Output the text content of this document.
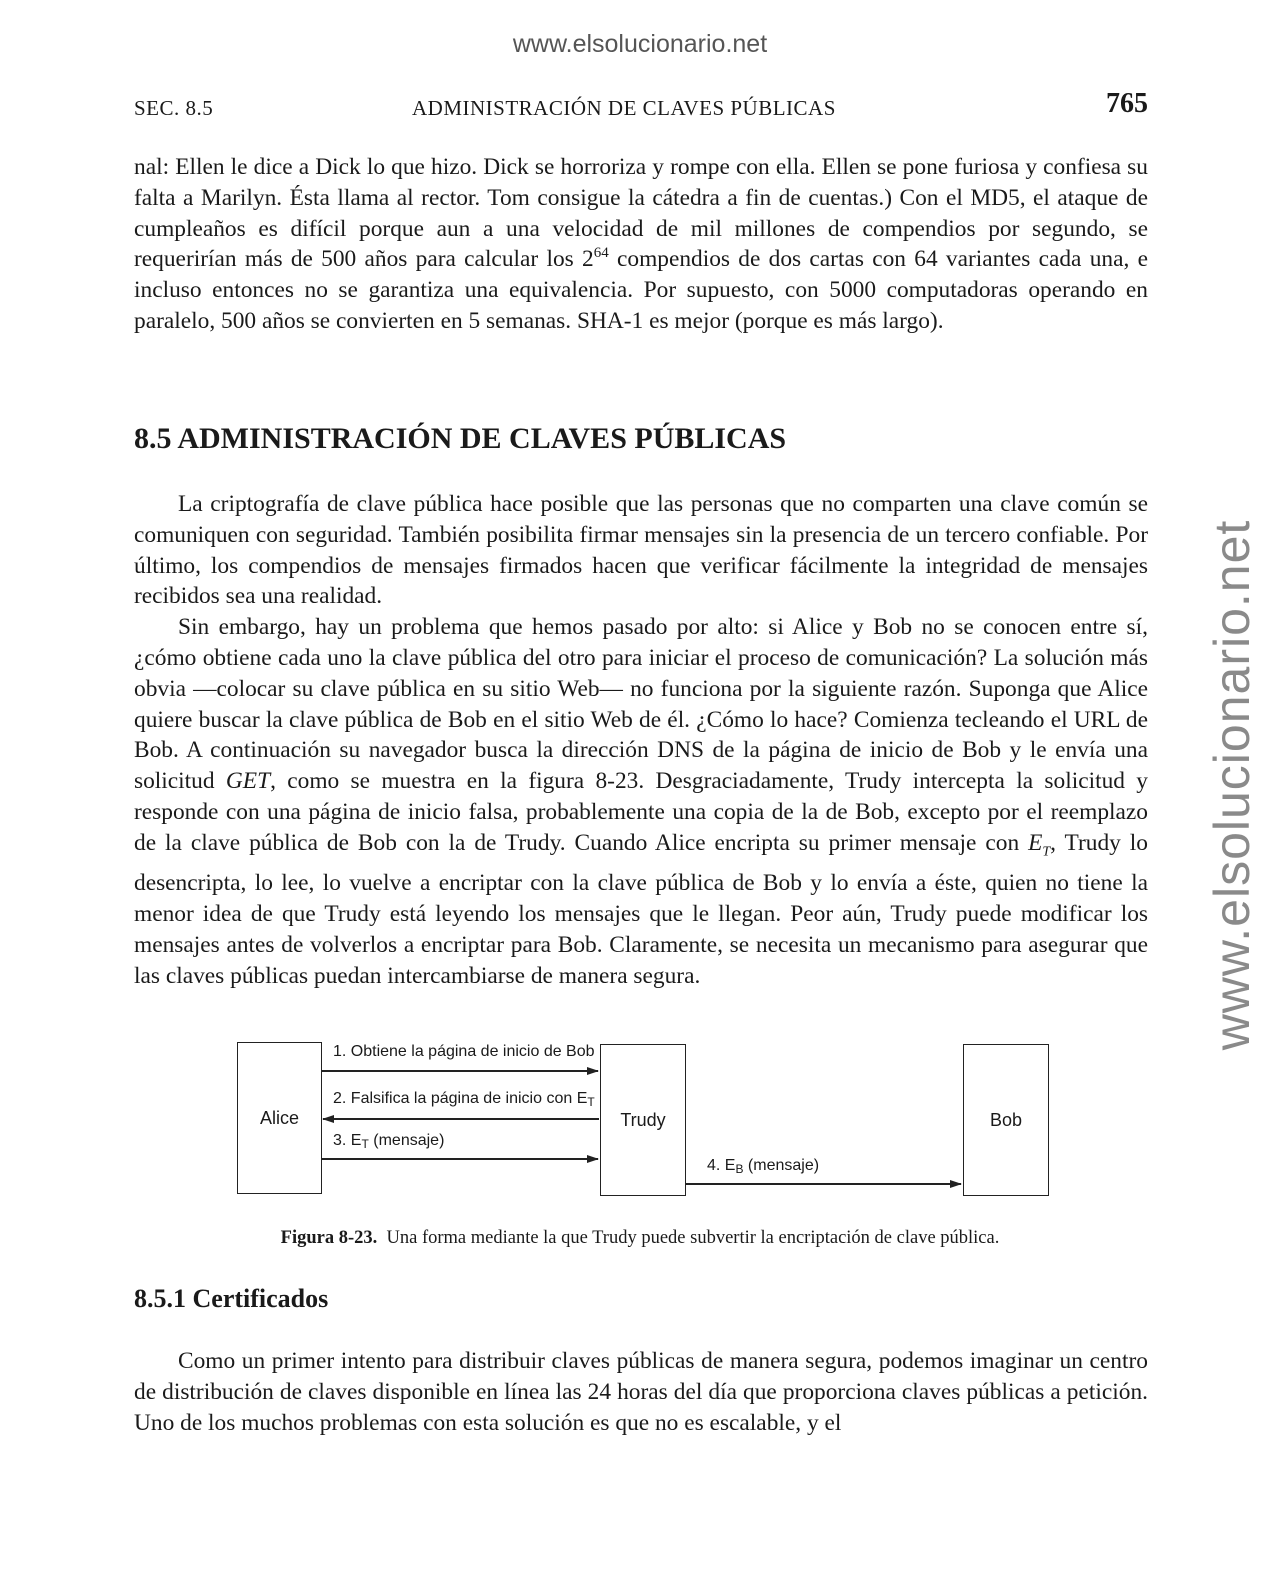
www.elsolucionario.net
www.elsolucionario.net
SEC. 8.5	ADMINISTRACIÓN DE CLAVES PÚBLICAS	765

nal: Ellen le dice a Dick lo que hizo. Dick se horroriza y rompe con ella. Ellen se pone furiosa y confiesa su falta a Marilyn. Ésta llama al rector. Tom consigue la cátedra a fin de cuentas.) Con el MD5, el ataque de cumpleaños es difícil porque aun a una velocidad de mil millones de compendios por segundo, se requerirían más de 500 años para calcular los $2^{64}$ compendios de dos cartas con 64 variantes cada una, e incluso entonces no se garantiza una equivalencia. Por supuesto, con 5000 computadoras operando en paralelo, 500 años se convierten en 5 semanas. SHA-1 es mejor (porque es más largo).

8.5 ADMINISTRACIÓN DE CLAVES PÚBLICAS

La criptografía de clave pública hace posible que las personas que no comparten una clave común se comuniquen con seguridad. También posibilita firmar mensajes sin la presencia de un tercero confiable. Por último, los compendios de mensajes firmados hacen que verificar fácilmente la integridad de mensajes recibidos sea una realidad.

Sin embargo, hay un problema que hemos pasado por alto: si Alice y Bob no se conocen entre sí, ¿cómo obtiene cada uno la clave pública del otro para iniciar el proceso de comunicación? La solución más obvia —colocar su clave pública en su sitio Web— no funciona por la siguiente razón. Suponga que Alice quiere buscar la clave pública de Bob en el sitio Web de él. ¿Cómo lo hace? Comienza tecleando el URL de Bob. A continuación su navegador busca la dirección DNS de la página de inicio de Bob y le envía una solicitud GET, como se muestra en la figura 8-23. Desgraciadamente, Trudy intercepta la solicitud y responde con una página de inicio falsa, probablemente una copia de la de Bob, excepto por el reemplazo de la clave pública de Bob con la de Trudy. Cuando Alice encripta su primer mensaje con $E_T$, Trudy lo desencripta, lo lee, lo vuelve a encriptar con la clave pública de Bob y lo envía a éste, quien no tiene la menor idea de que Trudy está leyendo los mensajes que le llegan. Peor aún, Trudy puede modificar los mensajes antes de volverlos a encriptar para Bob. Claramente, se necesita un mecanismo para asegurar que las claves públicas puedan intercambiarse de manera segura.

Alice	Trudy	Bob
1. Obtiene la página de inicio de Bob
2. Falsifica la página de inicio con $E_T$
3. $E_T$ (mensaje)
4. $E_B$ (mensaje)
Figura 8-23. Una forma mediante la que Trudy puede subvertir la encriptación de clave pública.
8.5.1 Certificados

Como un primer intento para distribuir claves públicas de manera segura, podemos imaginar un centro de distribución de claves disponible en línea las 24 horas del día que proporciona claves públicas a petición. Uno de los muchos problemas con esta solución es que no es escalable, y el
